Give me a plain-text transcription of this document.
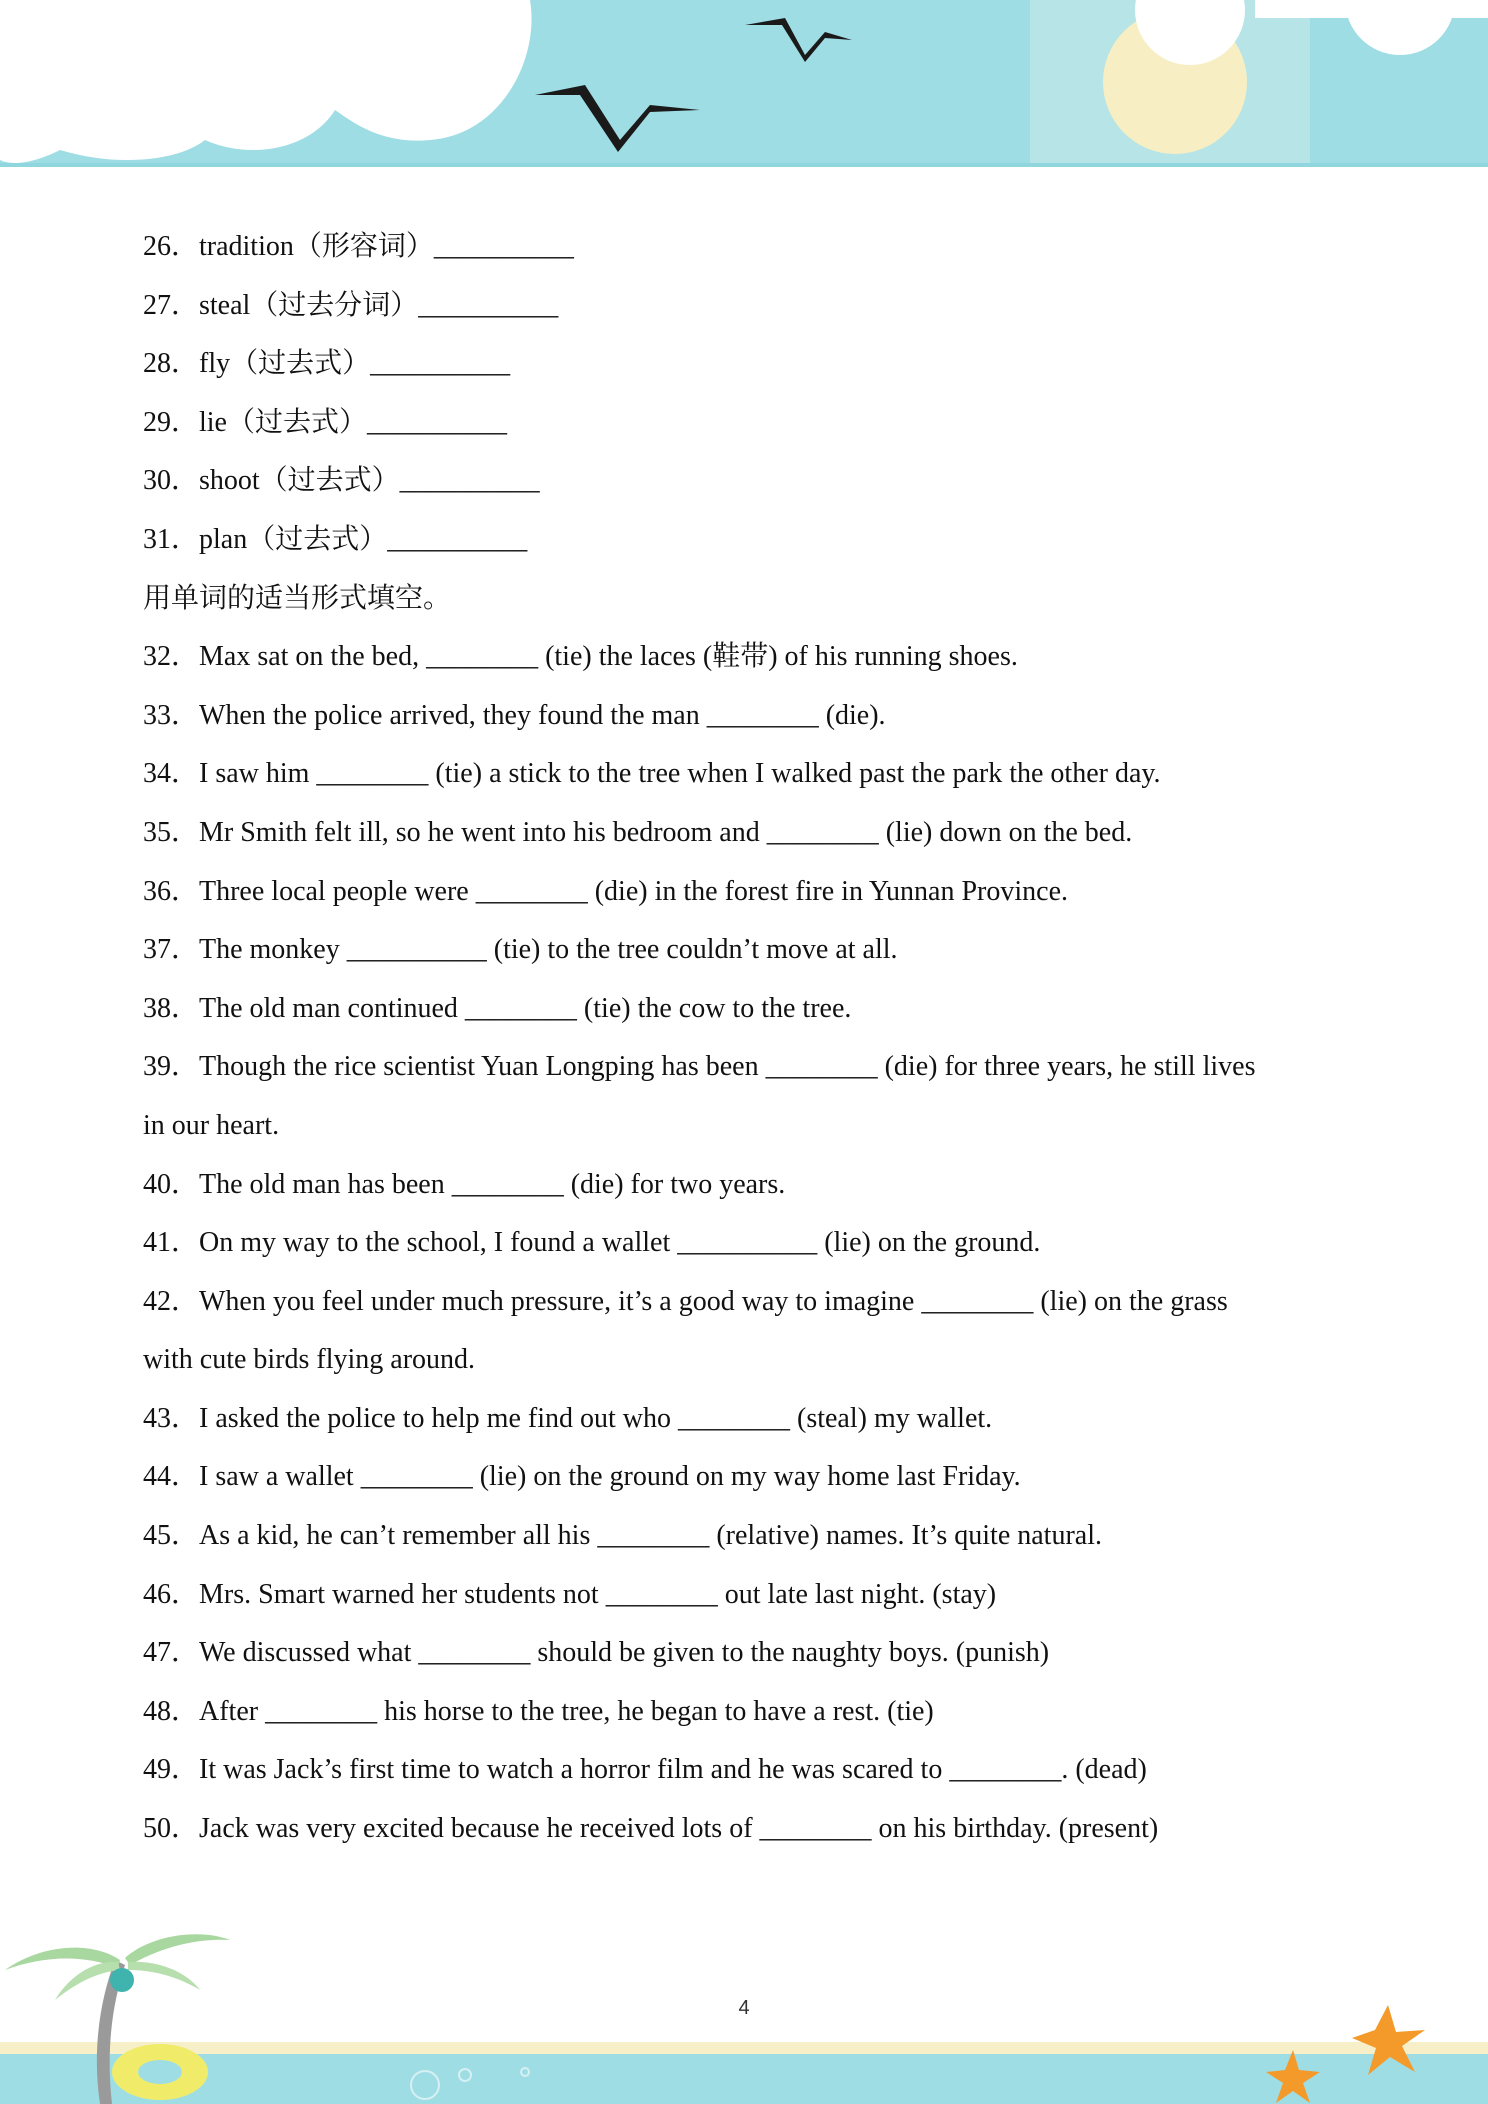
26．tradition（形容词）__________
27．steal（过去分词）__________
28．fly（过去式）__________
29．lie（过去式）__________
30．shoot（过去式）__________
31．plan（过去式）__________
用单词的适当形式填空。
32．Max sat on the bed, ________ (tie) the laces (鞋带) of his running shoes.
33．When the police arrived, they found the man ________ (die).
34．I saw him ________ (tie) a stick to the tree when I walked past the park the other day.
35．Mr Smith felt ill, so he went into his bedroom and ________ (lie) down on the bed.
36．Three local people were ________ (die) in the forest fire in Yunnan Province.
37．The monkey __________ (tie) to the tree couldn’t move at all.
38．The old man continued ________ (tie) the cow to the tree.
39．Though the rice scientist Yuan Longping has been ________ (die) for three years, he still lives
in our heart.
40．The old man has been ________ (die) for two years.
41．On my way to the school, I found a wallet __________ (lie) on the ground.
42．When you feel under much pressure, it’s a good way to imagine ________ (lie) on the grass
with cute birds flying around.
43．I asked the police to help me find out who ________ (steal) my wallet.
44．I saw a wallet ________ (lie) on the ground on my way home last Friday.
45．As a kid, he can’t remember all his ________ (relative) names. It’s quite natural.
46．Mrs. Smart warned her students not ________ out late last night. (stay)
47．We discussed what ________ should be given to the naughty boys. (punish)
48．After ________ his horse to the tree, he began to have a rest. (tie)
49．It was Jack’s first time to watch a horror film and he was scared to ________. (dead)
50．Jack was very excited because he received lots of ________ on his birthday. (present)
4
